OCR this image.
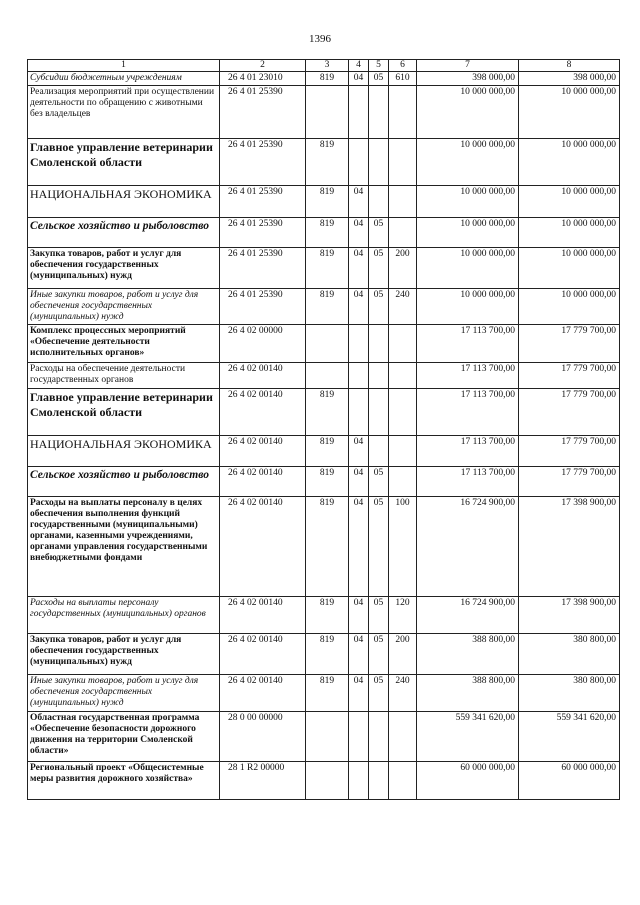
1396
1	2	3	4	5	6	7	8
Субсидии бюджетным учреждениям	26 4 01 23010	819	04	05	610	398 000,00	398 000,00
Реализация мероприятий при осуществлении деятельности по обращению с животными без владельцев	26 4 01 25390					10 000 000,00	10 000 000,00
Главное управление ветеринарии Смоленской области	26 4 01 25390	819				10 000 000,00	10 000 000,00
НАЦИОНАЛЬНАЯ ЭКОНОМИКА	26 4 01 25390	819	04			10 000 000,00	10 000 000,00
Сельское хозяйство и рыболовство	26 4 01 25390	819	04	05		10 000 000,00	10 000 000,00
Закупка товаров, работ и услуг для обеспечения государственных (муниципальных) нужд	26 4 01 25390	819	04	05	200	10 000 000,00	10 000 000,00
Иные закупки товаров, работ и услуг для обеспечения государственных (муниципальных) нужд	26 4 01 25390	819	04	05	240	10 000 000,00	10 000 000,00
Комплекс процессных мероприятий «Обеспечение деятельности исполнительных органов»	26 4 02 00000					17 113 700,00	17 779 700,00
Расходы на обеспечение деятельности государственных органов	26 4 02 00140					17 113 700,00	17 779 700,00
Главное управление ветеринарии Смоленской области	26 4 02 00140	819				17 113 700,00	17 779 700,00
НАЦИОНАЛЬНАЯ ЭКОНОМИКА	26 4 02 00140	819	04			17 113 700,00	17 779 700,00
Сельское хозяйство и рыболовство	26 4 02 00140	819	04	05		17 113 700,00	17 779 700,00
Расходы на выплаты персоналу в целях обеспечения выполнения функций государственными (муниципальными) органами, казенными учреждениями, органами управления государственными внебюджетными фондами	26 4 02 00140	819	04	05	100	16 724 900,00	17 398 900,00
Расходы на выплаты персоналу государственных (муниципальных) органов	26 4 02 00140	819	04	05	120	16 724 900,00	17 398 900,00
Закупка товаров, работ и услуг для обеспечения государственных (муниципальных) нужд	26 4 02 00140	819	04	05	200	388 800,00	380 800,00
Иные закупки товаров, работ и услуг для обеспечения государственных (муниципальных) нужд	26 4 02 00140	819	04	05	240	388 800,00	380 800,00
Областная государственная программа «Обеспечение безопасности дорожного движения на территории Смоленской области»	28 0 00 00000					559 341 620,00	559 341 620,00
Региональный проект «Общесистемные меры развития дорожного хозяйства»	28 1 R2 00000					60 000 000,00	60 000 000,00
